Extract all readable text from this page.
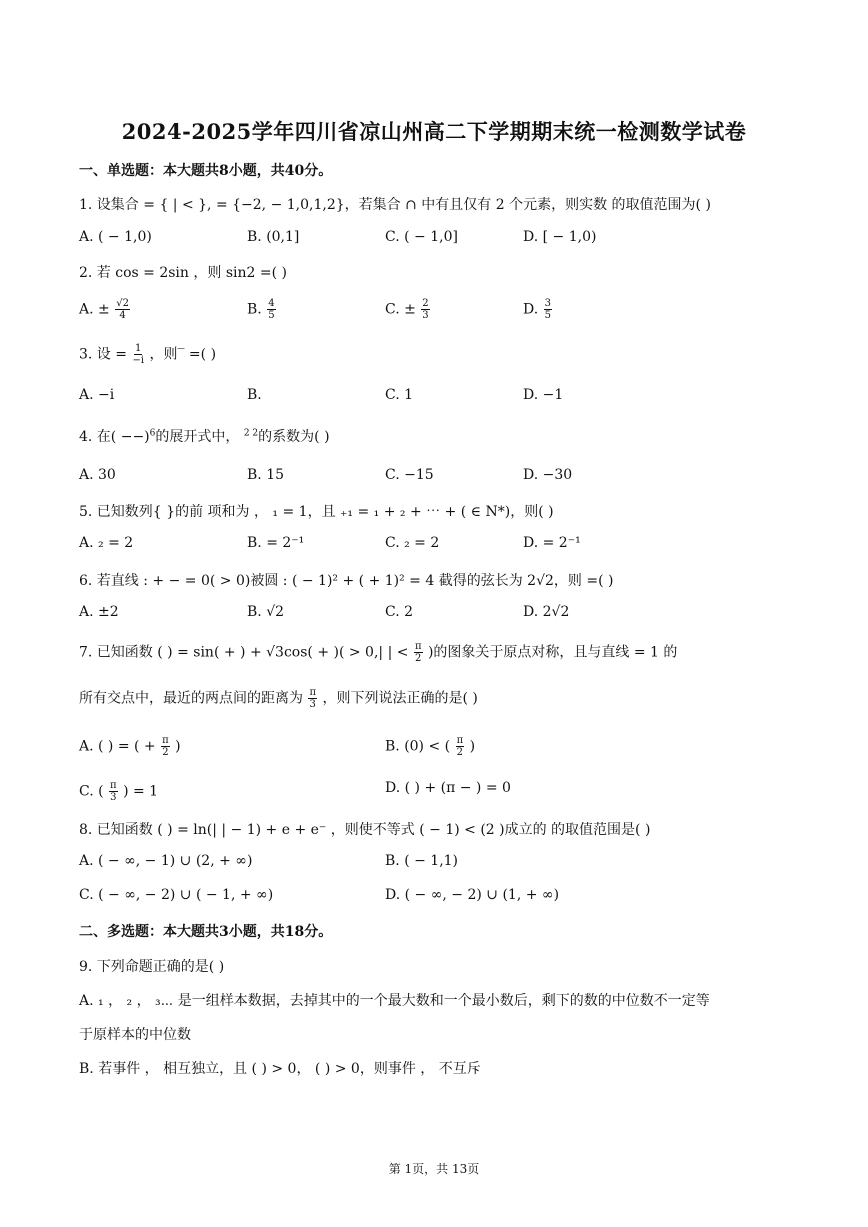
2024-2025学年四川省凉山州高二下学期期末统一检测数学试卷
一、单选题：本大题共8小题，共40分。
1. 设集合 = { | < }, = {−2, − 1,0,1,2}，若集合 ∩ 中有且仅有 2 个元素，则实数 的取值范围为( )
A. ( − 1,0)	B. (0,1]	C. ( − 1,0]	D. [ − 1,0)
2. 若 cos = 2sin ，则 sin2 =( )
A. ± $\frac{√2}{4}$	B. $\frac{4}{5}$	C. ± $\frac{2}{3}$	D. $\frac{3}{5}$
3. 设 = $\frac{1}{-i}$ ，则‾ =( )
A. −i	B.	C. 1	D. −1
4. 在( −−)$^6$的展开式中， $^{2 2}$的系数为( )
A. 30	B. 15	C. −15	D. −30
5. 已知数列{ }的前 项和为 ， ₁ = 1，且 ₊₁ = ₁ + ₂ + ⋯ + ( ∈ N*)，则( )
A. ₂ = 2	B. = 2⁻¹	C. ₂ = 2	D. = 2⁻¹
6. 若直线 : + − = 0( > 0)被圆 : ( − 1)² + ( + 1)² = 4 截得的弦长为 2√2，则 =( )
A. ±2	B. √2	C. 2	D. 2√2
7. 已知函数 ( ) = sin( + ) + √3cos( + )( > 0,| | < $\frac{\pi}{2}$ )的图象关于原点对称，且与直线 = 1 的
所有交点中，最近的两点间的距离为 $\frac{\pi}{3}$ ，则下列说法正确的是( )
A. ( ) = ( + $\frac{\pi}{2}$ )	B. (0) < ( $\frac{\pi}{2}$ )
C. ( $\frac{\pi}{3}$ ) = 1	D. ( ) + (π − ) = 0
8. 已知函数 ( ) = ln(| | − 1) + e + e⁻ ，则使不等式 ( − 1) < (2 )成立的 的取值范围是( )
A. ( − ∞, − 1) ∪ (2, + ∞)	B. ( − 1,1)
C. ( − ∞, − 2) ∪ ( − 1, + ∞)	D. ( − ∞, − 2) ∪ (1, + ∞)
二、多选题：本大题共3小题，共18分。
9. 下列命题正确的是( )
A. ₁ ， ₂ ， ₃⋯ 是一组样本数据，去掉其中的一个最大数和一个最小数后，剩下的数的中位数不一定等
于原样本的中位数
B. 若事件 ， 相互独立，且 ( ) > 0， ( ) > 0，则事件 ， 不互斥
第 1页，共 13页
